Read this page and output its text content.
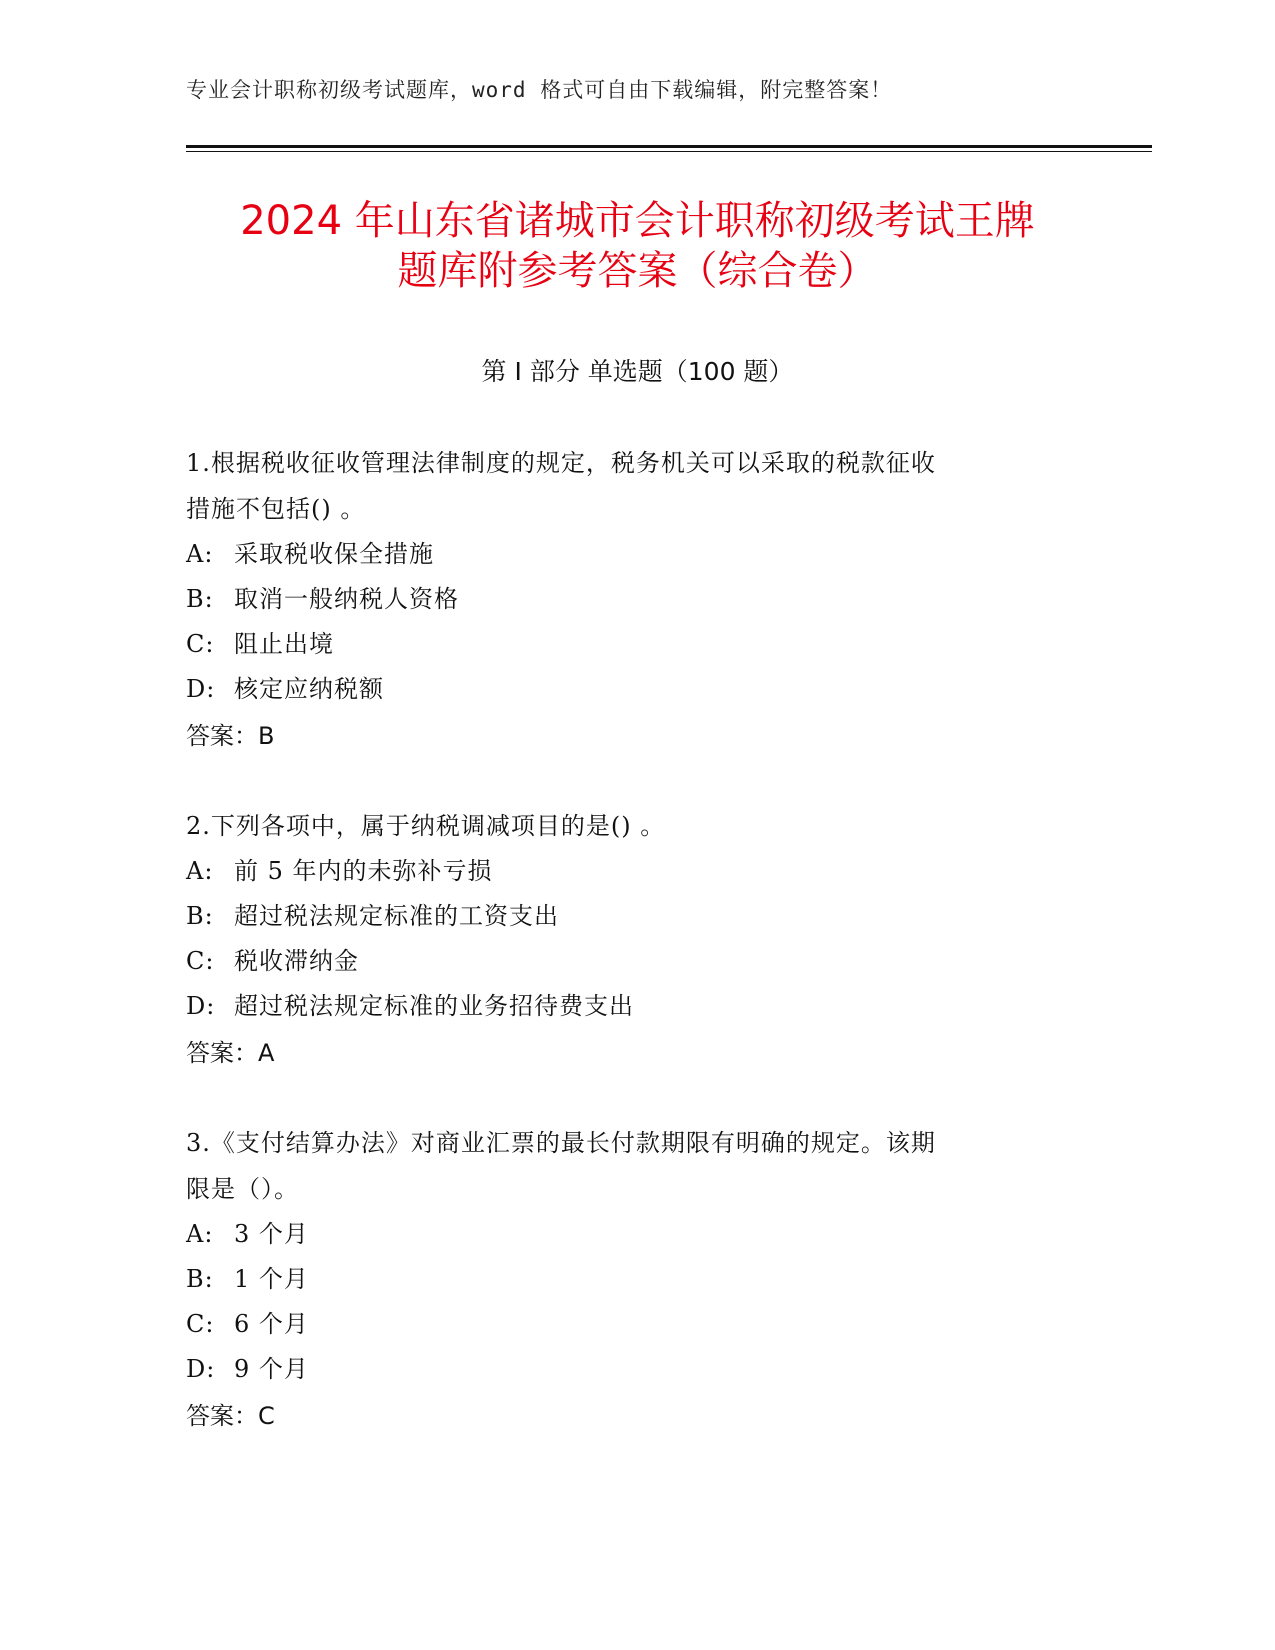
专业会计职称初级考试题库，word 格式可自由下载编辑，附完整答案！
2024 年山东省诸城市会计职称初级考试王牌
题库附参考答案（综合卷）
第 I 部分 单选题（100 题）

1.根据税收征收管理法律制度的规定，税务机关可以采取的税款征收

措施不包括() 。

A: 采取税收保全措施

B: 取消一般纳税人资格

C: 阻止出境

D: 核定应纳税额

答案：B

2.下列各项中，属于纳税调减项目的是() 。

A: 前 5 年内的未弥补亏损

B: 超过税法规定标准的工资支出

C: 税收滞纳金

D: 超过税法规定标准的业务招待费支出

答案：A

3.《支付结算办法》对商业汇票的最长付款期限有明确的规定。该期

限是（）。

A: 3 个月

B: 1 个月

C: 6 个月

D: 9 个月

答案：C
